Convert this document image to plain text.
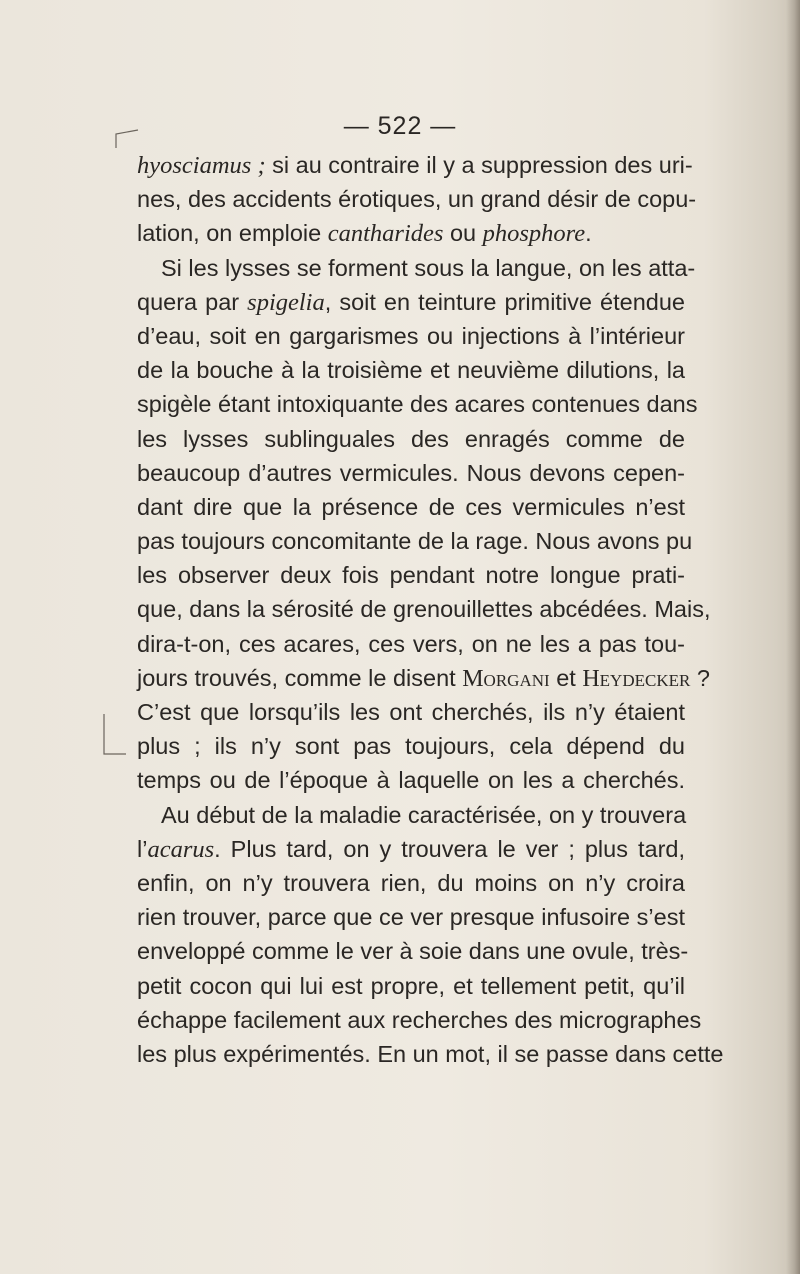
— 522 —
hyosciamus ; si au contraire il y a suppression des uri-
nes, des accidents érotiques, un grand désir de copu-
lation, on emploie cantharides ou phosphore.
Si les lysses se forment sous la langue, on les atta-
quera par spigelia, soit en teinture primitive étendue
d’eau, soit en gargarismes ou injections à l’intérieur
de la bouche à la troisième et neuvième dilutions, la
spigèle étant intoxiquante des acares contenues dans
les lysses sublinguales des enragés comme de
beaucoup d’autres vermicules. Nous devons cepen-
dant dire que la présence de ces vermicules n’est
pas toujours concomitante de la rage. Nous avons pu
les observer deux fois pendant notre longue prati-
que, dans la sérosité de grenouillettes abcédées. Mais,
dira-t-on, ces acares, ces vers, on ne les a pas tou-
jours trouvés, comme le disent Morgani et Heydecker ?
C’est que lorsqu’ils les ont cherchés, ils n’y étaient
plus ; ils n’y sont pas toujours, cela dépend du
temps ou de l’époque à laquelle on les a cherchés.
Au début de la maladie caractérisée, on y trouvera
l’acarus. Plus tard, on y trouvera le ver ; plus tard,
enfin, on n’y trouvera rien, du moins on n’y croira
rien trouver, parce que ce ver presque infusoire s’est
enveloppé comme le ver à soie dans une ovule, très-
petit cocon qui lui est propre, et tellement petit, qu’il
échappe facilement aux recherches des micrographes
les plus expérimentés. En un mot, il se passe dans cette
